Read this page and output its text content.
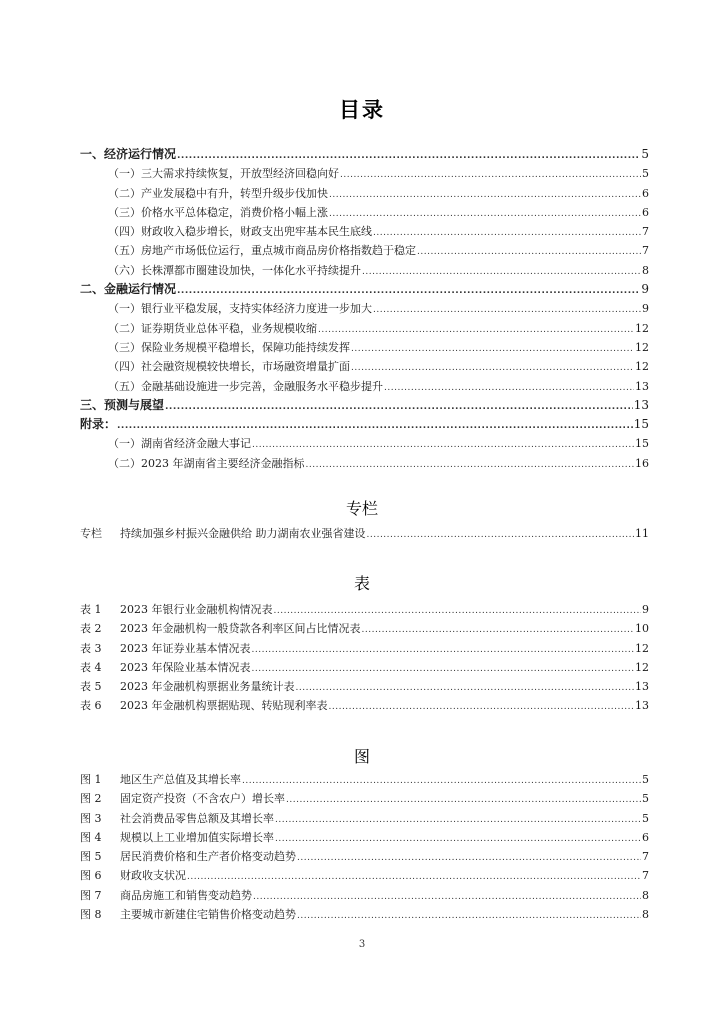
目录
一、经济运行情况 .....	5
（一）三大需求持续恢复，开放型经济回稳向好 .....	5
（二）产业发展稳中有升，转型升级步伐加快 .....	6
（三）价格水平总体稳定，消费价格小幅上涨 .....	6
（四）财政收入稳步增长，财政支出兜牢基本民生底线 .....	7
（五）房地产市场低位运行，重点城市商品房价格指数趋于稳定 .....	7
（六）长株潭都市圈建设加快，一体化水平持续提升 .....	8
二、金融运行情况 .....	9
（一）银行业平稳发展，支持实体经济力度进一步加大 .....	9
（二）证券期货业总体平稳，业务规模收缩 .....	12
（三）保险业务规模平稳增长，保障功能持续发挥 .....	12
（四）社会融资规模较快增长，市场融资增量扩面 .....	12
（五）金融基础设施进一步完善，金融服务水平稳步提升 .....	13
三、预测与展望 .....	13
附录： .....	15
（一）湖南省经济金融大事记 .....	15
（二）2023 年湖南省主要经济金融指标 .....	16
专栏
专栏	持续加强乡村振兴金融供给 助力湖南农业强省建设 .....	11
表
表 1	2023 年银行业金融机构情况表 .....	9
表 2	2023 年金融机构一般贷款各利率区间占比情况表 .....	10
表 3	2023 年证券业基本情况表 .....	12
表 4	2023 年保险业基本情况表 .....	12
表 5	2023 年金融机构票据业务量统计表 .....	13
表 6	2023 年金融机构票据贴现、转贴现利率表 .....	13
图
图 1	地区生产总值及其增长率 .....	5
图 2	固定资产投资（不含农户）增长率 .....	5
图 3	社会消费品零售总额及其增长率 .....	5
图 4	规模以上工业增加值实际增长率 .....	6
图 5	居民消费价格和生产者价格变动趋势 .....	7
图 6	财政收支状况 .....	7
图 7	商品房施工和销售变动趋势 .....	8
图 8	主要城市新建住宅销售价格变动趋势 .....	8
3
